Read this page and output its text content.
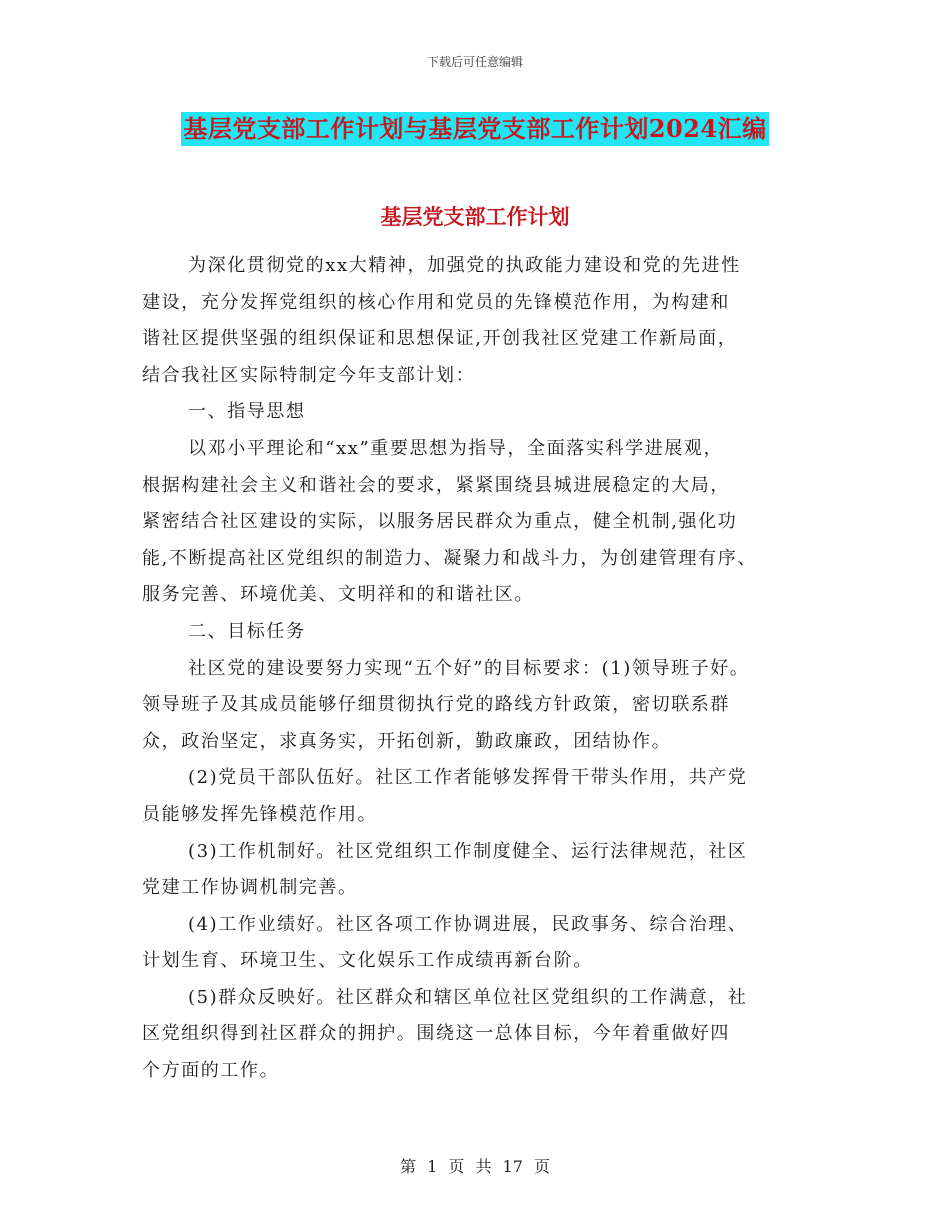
下载后可任意编辑
基层党支部工作计划与基层党支部工作计划2024汇编
基层党支部工作计划
为深化贯彻党的xx大精神，加强党的执政能力建设和党的先进性
建设，充分发挥党组织的核心作用和党员的先锋模范作用，为构建和
谐社区提供坚强的组织保证和思想保证,开创我社区党建工作新局面，
结合我社区实际特制定今年支部计划：
一、指导思想
以邓小平理论和“xx”重要思想为指导，全面落实科学进展观，
根据构建社会主义和谐社会的要求，紧紧围绕县城进展稳定的大局，
紧密结合社区建设的实际，以服务居民群众为重点，健全机制,强化功
能,不断提高社区党组织的制造力、凝聚力和战斗力，为创建管理有序、
服务完善、环境优美、文明祥和的和谐社区。
二、目标任务
社区党的建设要努力实现“五个好”的目标要求：(1)领导班子好。
领导班子及其成员能够仔细贯彻执行党的路线方针政策，密切联系群
众，政治坚定，求真务实，开拓创新，勤政廉政，团结协作。
(2)党员干部队伍好。社区工作者能够发挥骨干带头作用，共产党
员能够发挥先锋模范作用。
(3)工作机制好。社区党组织工作制度健全、运行法律规范，社区
党建工作协调机制完善。
(4)工作业绩好。社区各项工作协调进展，民政事务、综合治理、
计划生育、环境卫生、文化娱乐工作成绩再新台阶。
(5)群众反映好。社区群众和辖区单位社区党组织的工作满意，社
区党组织得到社区群众的拥护。围绕这一总体目标，今年着重做好四
个方面的工作。
第 1 页 共 17 页
